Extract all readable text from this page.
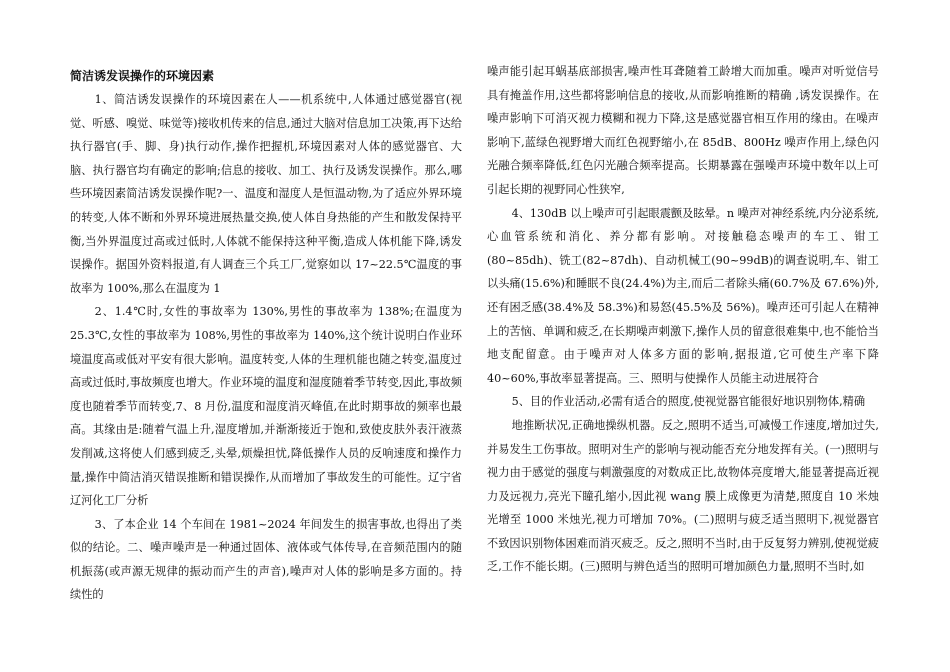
简洁诱发误操作的环境因素

1、简洁诱发误操作的环境因素在人——机系统中,人体通过感觉器官(视觉、听感、嗅觉、味觉等)接收机传来的信息,通过大脑对信息加工决策,再下达给执行器官(手、脚、身)执行动作,操作把握机,环境因素对人体的感觉器官、大脑、执行器官均有确定的影响;信息的接收、加工、执行及诱发误操作。那么,哪些环境因素简洁诱发误操作呢?一、温度和湿度人是恒温动物,为了适应外界环境的转变,人体不断和外界环境进展热量交换,使人体自身热能的产生和散发保持平衡,当外界温度过高或过低时,人体就不能保持这种平衡,造成人体机能下降,诱发误操作。据国外资料报道,有人调查三个兵工厂,觉察如以 17~22.5℃温度的事故率为 100%,那么在温度为 1

2、1.4℃时,女性的事故率为 130%,男性的事故率为 138%;在温度为 25.3℃,女性的事故率为 108%,男性的事故率为 140%,这个统计说明白作业环境温度高或低对平安有很大影响。温度转变,人体的生理机能也随之转变,温度过高或过低时,事故频度也增大。作业环境的温度和湿度随着季节转变,因此,事故频度也随着季节而转变,7、8 月份,温度和湿度消灭峰值,在此时期事故的频率也最高。其缘由是:随着气温上升,湿度增加,并渐渐接近于饱和,致使皮肤外表汗液蒸发削减,这将使人们感到疲乏,头晕,烦燥担忧,降低操作人员的反响速度和操作力量,操作中简洁消灭错误推断和错误操作,从而增加了事故发生的可能性。辽宁省辽河化工厂分析

3、了本企业 14 个车间在 1981~2024 年间发生的损害事故,也得出了类似的结论。二、噪声噪声是一种通过固体、液体或气体传导,在音频范围内的随机振荡(或声源无规律的振动而产生的声音),噪声对人体的影响是多方面的。持续性的

噪声能引起耳蜗基底部损害,噪声性耳聋随着工龄增大而加重。噪声对听觉信号具有掩盖作用,这些都将影响信息的接收,从而影响推断的精确 ,诱发误操作。在噪声影响下可消灭视力模糊和视力下降,这是感觉器官相互作用的缘由。在噪声影响下,蓝绿色视野增大而红色视野缩小,在 85dB、800Hz 噪声作用上,绿色闪光融合频率降低,红色闪光融合频率提高。长期暴露在强噪声环境中数年以上可引起长期的视野同心性狭窄,

4、130dB 以上噪声可引起眼震颤及眩晕。n 噪声对神经系统,内分泌系统,心血管系统和消化、养分都有影响。对接触稳态噪声的车工、钳工(80~85dh)、铣工(82~87dh)、自动机械工(90~99dB)的调查说明,车、钳工以头痛(15.6%)和睡眠不良(24.4%)为主,而后二者除头痛(60.7%及 67.6%)外,还有困乏感(38.4%及 58.3%)和易怒(45.5%及 56%)。噪声还可引起人在精神上的苦恼、单调和疲乏,在长期噪声剌激下,操作人员的留意很难集中,也不能恰当地支配留意。由于噪声对人体多方面的影响,据报道,它可使生产率下降 40~60%,事故率显著提高。三、照明与使操作人员能主动进展符合

5、目的作业活动,必需有适合的照度,使视觉器官能很好地识别物体,精确

地推断状况,正确地操纵机器。反之,照明不适当,可减慢工作速度,增加过失,并易发生工伤事故。照明对生产的影响与视动能否充分地发挥有关。(一)照明与视力由于感觉的强度与剌激强度的对数成正比,故物体亮度增大,能显著提高近视力及远视力,亮光下瞳孔缩小,因此视 wang 膜上成像更为清楚,照度自 10 米烛光增至 1000 米烛光,视力可增加 70%。(二)照明与疲乏适当照明下,视觉器官不致因识别物体困难而消灭疲乏。反之,照明不当时,由于反复努力辨别,使视觉疲乏,工作不能长期。(三)照明与辨色适当的照明可增加颜色力量,照明不当时,如
